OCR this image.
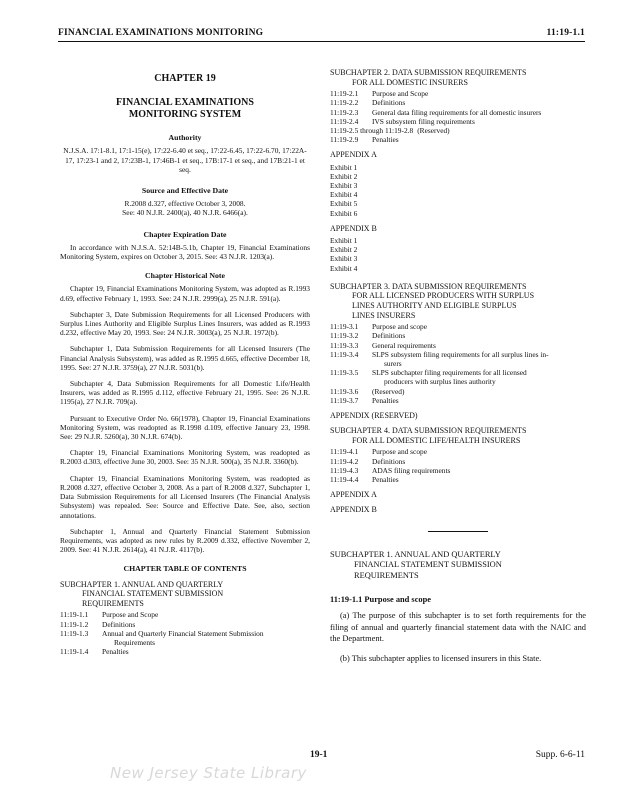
FINANCIAL EXAMINATIONS MONITORING	11:19-1.1
CHAPTER 19
FINANCIAL EXAMINATIONS
MONITORING SYSTEM
Authority
N.J.S.A. 17:1-8.1, 17:1-15(e), 17:22-6.40 et seq., 17:22-6.45, 17:22-6.70, 17:22A-17, 17:23-1 and 2, 17:23B-1, 17:46B-1 et seq., 17B:17-1 et seq., and 17B:21-1 et seq.
Source and Effective Date
R.2008 d.327, effective October 3, 2008.
See: 40 N.J.R. 2400(a), 40 N.J.R. 6466(a).
Chapter Expiration Date

In accordance with N.J.S.A. 52:14B-5.1b, Chapter 19, Financial Examinations Monitoring System, expires on October 3, 2015. See: 43 N.J.R. 1203(a).

Chapter Historical Note
Chapter 19, Financial Examinations Monitoring System, was adopted as R.1993 d.69, effective February 1, 1993. See: 24 N.J.R. 2999(a), 25 N.J.R. 591(a).
Subchapter 3, Date Submission Requirements for all Licensed Producers with Surplus Lines Authority and Eligible Surplus Lines Insurers, was added as R.1993 d.232, effective May 20, 1993. See: 24 N.J.R. 3003(a), 25 N.J.R. 1972(b).
Subchapter 1, Data Submission Requirements for all Licensed Insurers (The Financial Analysis Subsystem), was added as R.1995 d.665, effective December 18, 1995. See: 27 N.J.R. 3759(a), 27 N.J.R. 5031(b).
Subchapter 4, Data Submission Requirements for all Domestic Life/Health Insurers, was added as R.1995 d.112, effective February 21, 1995. See: 26 N.J.R. 1195(a), 27 N.J.R. 709(a).
Pursuant to Executive Order No. 66(1978), Chapter 19, Financial Examinations Monitoring System, was readopted as R.1998 d.109, effective January 23, 1998. See: 29 N.J.R. 5260(a), 30 N.J.R. 674(b).
Chapter 19, Financial Examinations Monitoring System, was readopted as R.2003 d.303, effective June 30, 2003. See: 35 N.J.R. 500(a), 35 N.J.R. 3360(b).
Chapter 19, Financial Examinations Monitoring System, was readopted as R.2008 d.327, effective October 3, 2008. As a part of R.2008 d.327, Subchapter 1, Data Submission Requirements for all Licensed Insurers (The Financial Analysis Subsystem) was repealed. See: Source and Effective Date. See, also, section annotations.
Subchapter 1, Annual and Quarterly Financial Statement Submission Requirements, was adopted as new rules by R.2009 d.332, effective November 2, 2009. See: 41 N.J.R. 2614(a), 41 N.J.R. 4117(b).
CHAPTER TABLE OF CONTENTS
SUBCHAPTER 1. ANNUAL AND QUARTERLY
FINANCIAL STATEMENT SUBMISSION
REQUIREMENTS
11:19-1.1	Purpose and Scope
11:19-1.2	Definitions
11:19-1.3	Annual and Quarterly Financial Statement Submission
Requirements
11:19-1.4	Penalties
SUBCHAPTER 2. DATA SUBMISSION REQUIREMENTS
FOR ALL DOMESTIC INSURERS
11:19-2.1	Purpose and Scope
11:19-2.2	Definitions
11:19-2.3	General data filing requirements for all domestic insurers
11:19-2.4	IVS subsystem filing requirements
11:19-2.5 through 11:19-2.8 (Reserved)
11:19-2.9	Penalties
APPENDIX A
Exhibit 1
Exhibit 2
Exhibit 3
Exhibit 4
Exhibit 5
Exhibit 6
APPENDIX B
Exhibit 1
Exhibit 2
Exhibit 3
Exhibit 4
SUBCHAPTER 3. DATA SUBMISSION REQUIREMENTS
FOR ALL LICENSED PRODUCERS WITH SURPLUS
LINES AUTHORITY AND ELIGIBLE SURPLUS
LINES INSURERS
11:19-3.1	Purpose and scope
11:19-3.2	Definitions
11:19-3.3	General requirements
11:19-3.4	SLPS subsystem filing requirements for all surplus lines in-
surers
11:19-3.5	SLPS subchapter filing requirements for all licensed
producers with surplus lines authority
11:19-3.6	(Reserved)
11:19-3.7	Penalties
APPENDIX (RESERVED)
SUBCHAPTER 4. DATA SUBMISSION REQUIREMENTS
FOR ALL DOMESTIC LIFE/HEALTH INSURERS
11:19-4.1	Purpose and scope
11:19-4.2	Definitions
11:19-4.3	ADAS filing requirements
11:19-4.4	Penalties
APPENDIX A
APPENDIX B
SUBCHAPTER 1. ANNUAL AND QUARTERLY
FINANCIAL STATEMENT SUBMISSION
REQUIREMENTS
11:19-1.1 Purpose and scope

(a) The purpose of this subchapter is to set forth requirements for the filing of annual and quarterly financial statement data with the NAIC and the Department.

(b) This subchapter applies to licensed insurers in this State.

19-1	Supp. 6-6-11
New Jersey State Library
